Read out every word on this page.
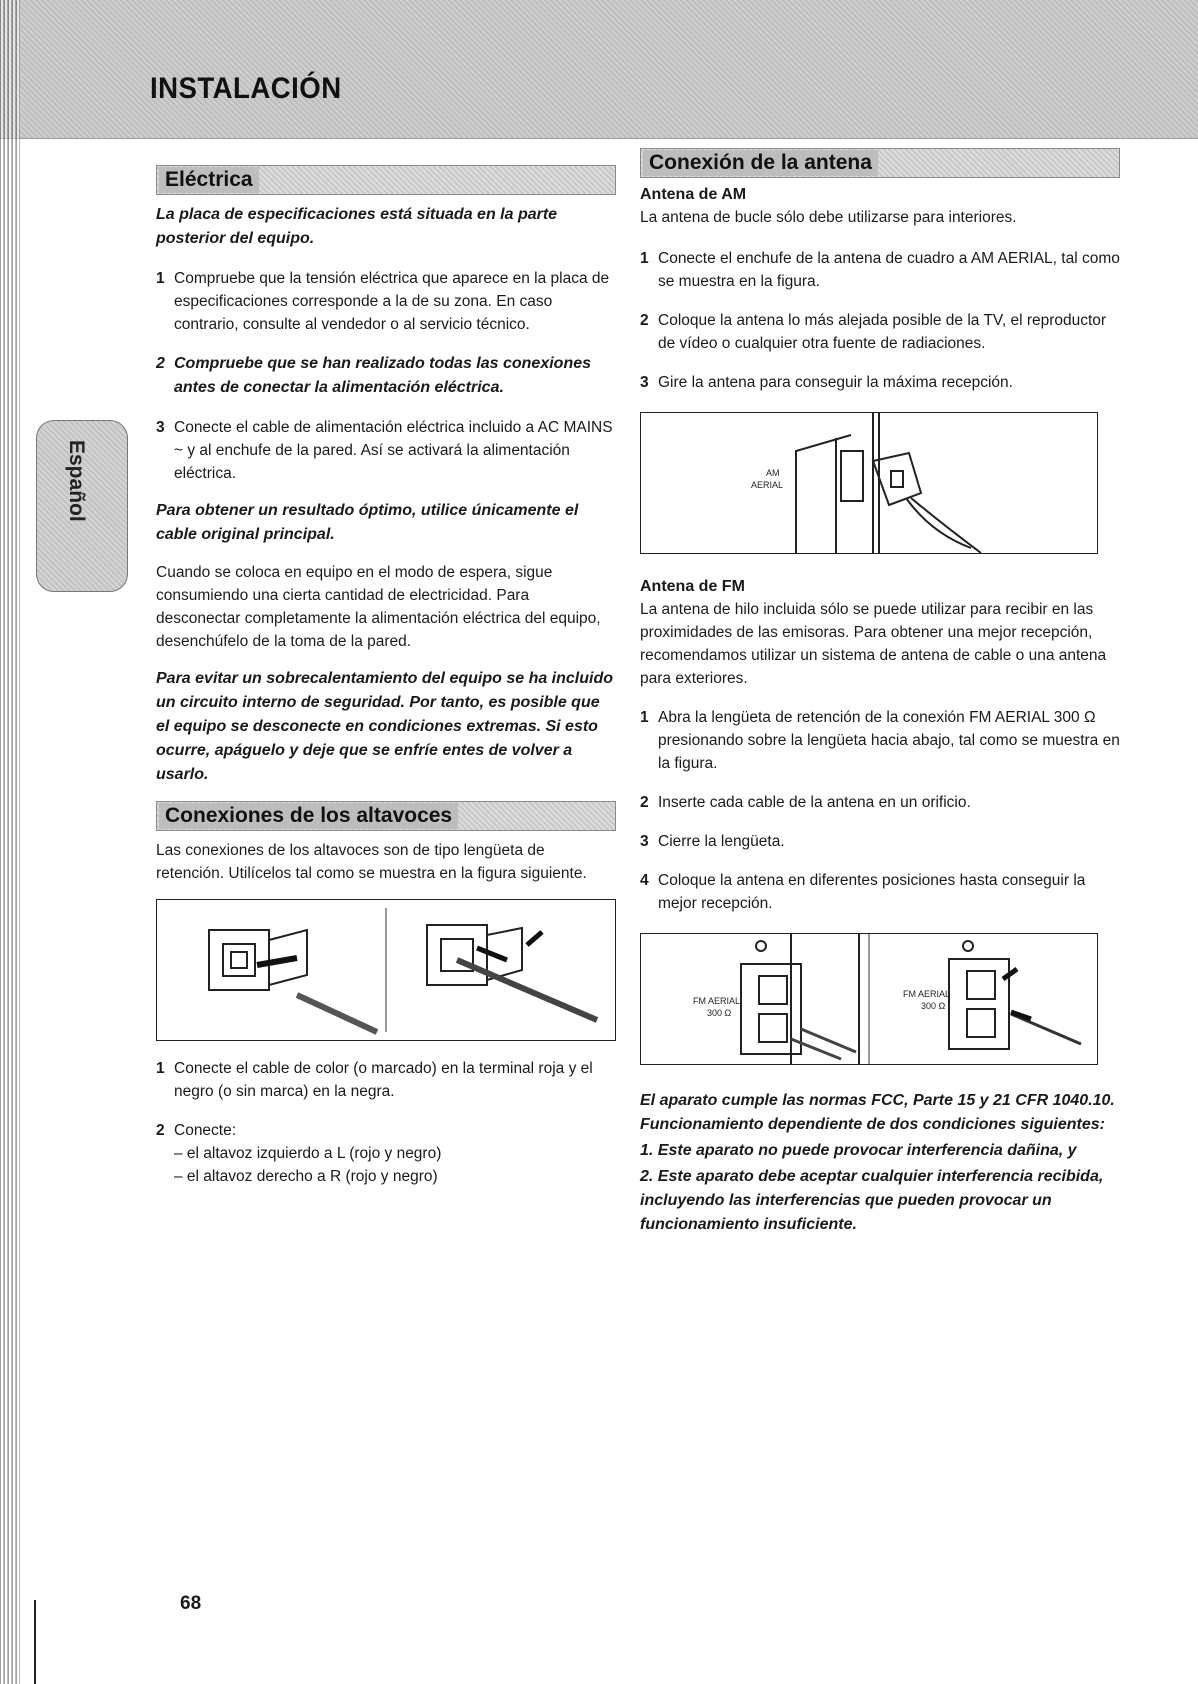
INSTALACIÓN
Español
Eléctrica

La placa de especificaciones está situada en la parte posterior del equipo.

1 Compruebe que la tensión eléctrica que aparece en la placa de especificaciones corresponde a la de su zona. En caso contrario, consulte al vendedor o al servicio técnico.
2 Compruebe que se han realizado todas las conexiones antes de conectar la alimentación eléctrica.
3 Conecte el cable de alimentación eléctrica incluido a AC MAINS ~ y al enchufe de la pared. Así se activará la alimentación eléctrica.

Para obtener un resultado óptimo, utilice únicamente el cable original principal.

Cuando se coloca en equipo en el modo de espera, sigue consumiendo una cierta cantidad de electricidad. Para desconectar completamente la alimentación eléctrica del equipo, desenchúfelo de la toma de la pared.

Para evitar un sobrecalentamiento del equipo se ha incluido un circuito interno de seguridad. Por tanto, es posible que el equipo se desconecte en condiciones extremas. Si esto ocurre, apáguelo y deje que se enfríe entes de volver a usarlo.

Conexiones de los altavoces

Las conexiones de los altavoces son de tipo lengüeta de retención. Utilícelos tal como se muestra en la figura siguiente.

1 Conecte el cable de color (o marcado) en la terminal roja y el negro (o sin marca) en la negra.
2 Conecte:
– el altavoz izquierdo a L (rojo y negro)
– el altavoz derecho a R (rojo y negro)
Conexión de la antena

Antena de AM

La antena de bucle sólo debe utilizarse para interiores.

1 Conecte el enchufe de la antena de cuadro a AM AERIAL, tal como se muestra en la figura.
2 Coloque la antena lo más alejada posible de la TV, el reproductor de vídeo o cualquier otra fuente de radiaciones.
3 Gire la antena para conseguir la máxima recepción.
AM
AERIAL

Antena de FM

La antena de hilo incluida sólo se puede utilizar para recibir en las proximidades de las emisoras. Para obtener una mejor recepción, recomendamos utilizar un sistema de antena de cable o una antena para exteriores.

1 Abra la lengüeta de retención de la conexión FM AERIAL 300 Ω presionando sobre la lengüeta hacia abajo, tal como se muestra en la figura.
2 Inserte cada cable de la antena en un orificio.
3 Cierre la lengüeta.
4 Coloque la antena en diferentes posiciones hasta conseguir la mejor recepción.
FM AERIAL
300 Ω
FM AERIAL
300 Ω

El aparato cumple las normas FCC, Parte 15 y 21 CFR 1040.10. Funcionamiento dependiente de dos condiciones siguientes:

1. Este aparato no puede provocar interferencia dañina, y

2. Este aparato debe aceptar cualquier interferencia recibida, incluyendo las interferencias que pueden provocar un funcionamiento insuficiente.

68
